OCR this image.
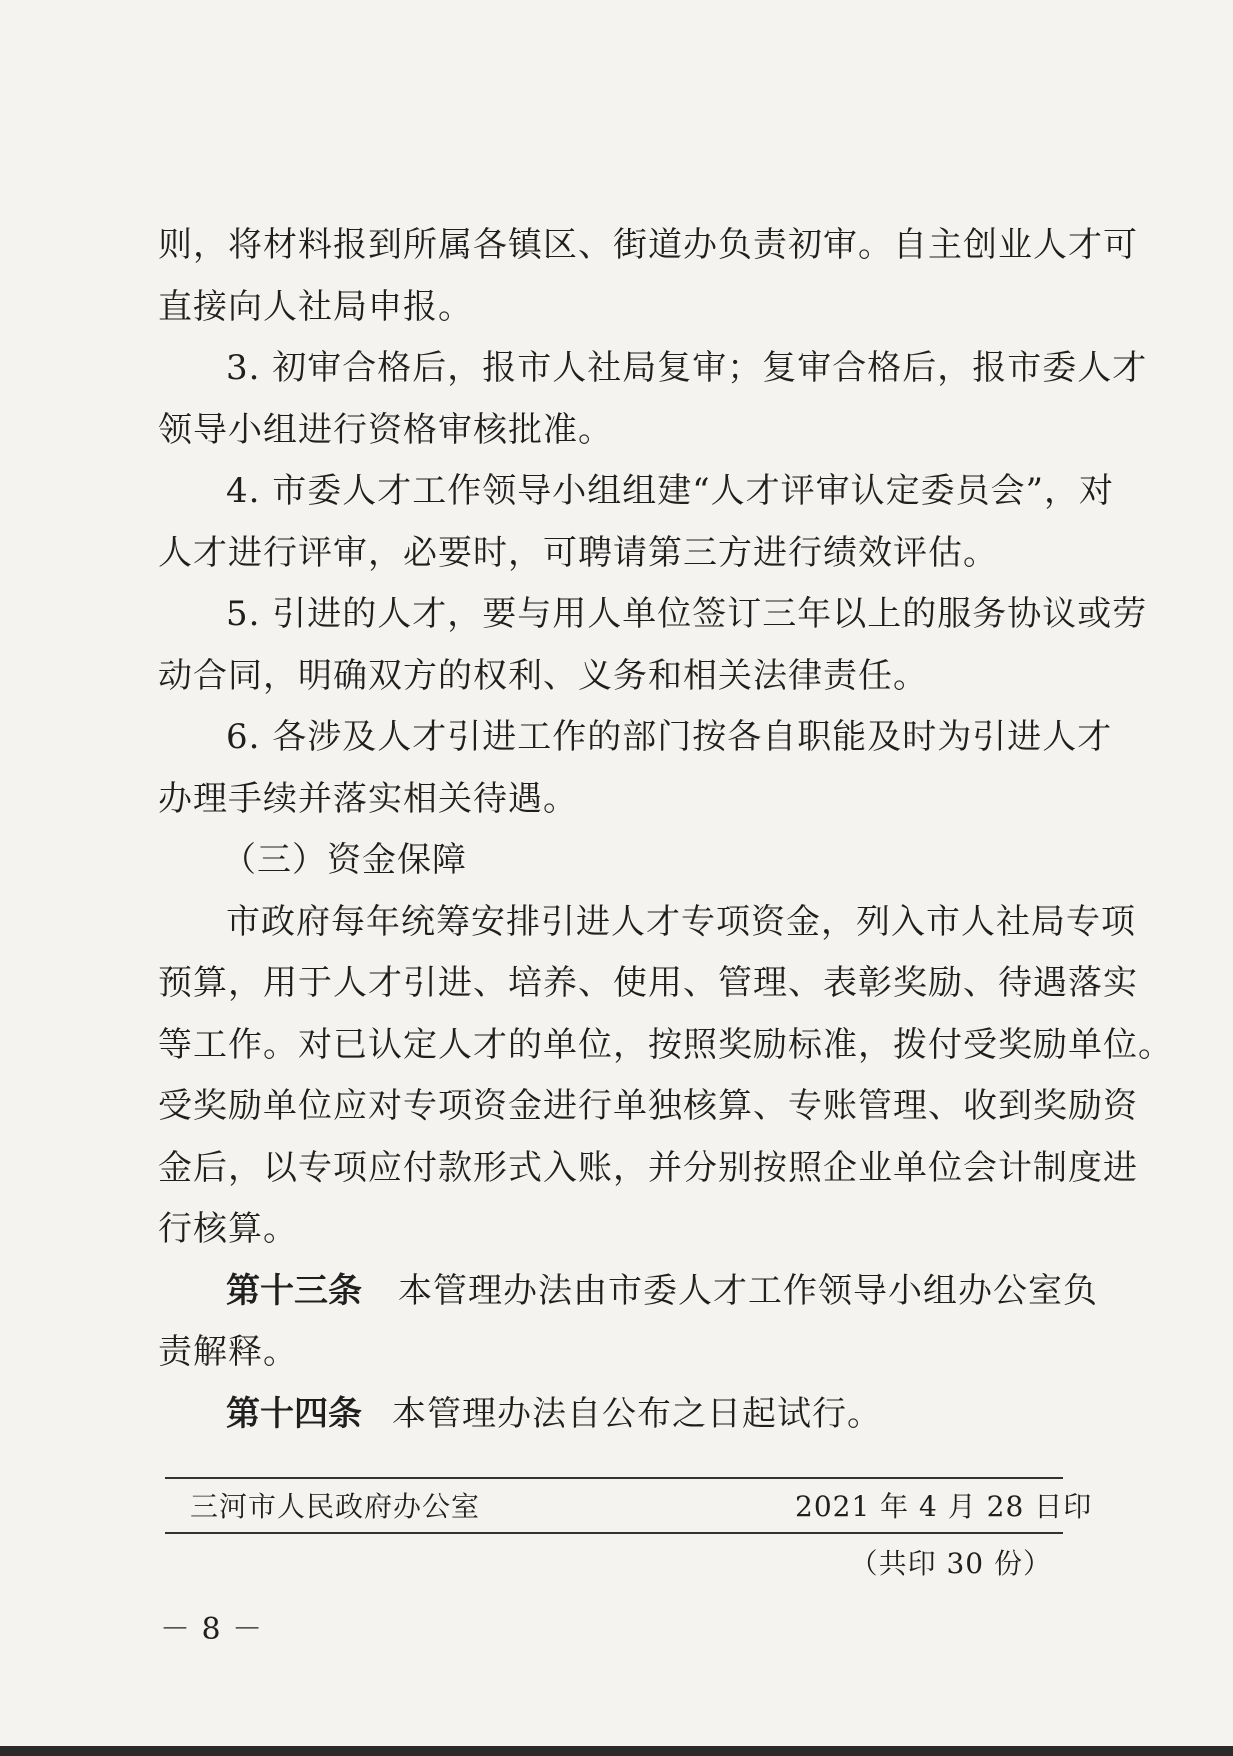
则，将材料报到所属各镇区、街道办负责初审。自主创业人才可
直接向人社局申报。
3. 初审合格后，报市人社局复审；复审合格后，报市委人才
领导小组进行资格审核批准。
4. 市委人才工作领导小组组建“人才评审认定委员会”，对
人才进行评审，必要时，可聘请第三方进行绩效评估。
5. 引进的人才，要与用人单位签订三年以上的服务协议或劳
动合同，明确双方的权利、义务和相关法律责任。
6. 各涉及人才引进工作的部门按各自职能及时为引进人才
办理手续并落实相关待遇。
（三）资金保障
市政府每年统筹安排引进人才专项资金，列入市人社局专项
预算，用于人才引进、培养、使用、管理、表彰奖励、待遇落实
等工作。对已认定人才的单位，按照奖励标准，拨付受奖励单位。
受奖励单位应对专项资金进行单独核算、专账管理、收到奖励资
金后，以专项应付款形式入账，并分别按照企业单位会计制度进
行核算。
第十三条 本管理办法由市委人才工作领导小组办公室负
责解释。
第十四条 本管理办法自公布之日起试行。
三河市人民政府办公室	2021 年 4 月 28 日印
（共印 30 份）
－ 8 －
